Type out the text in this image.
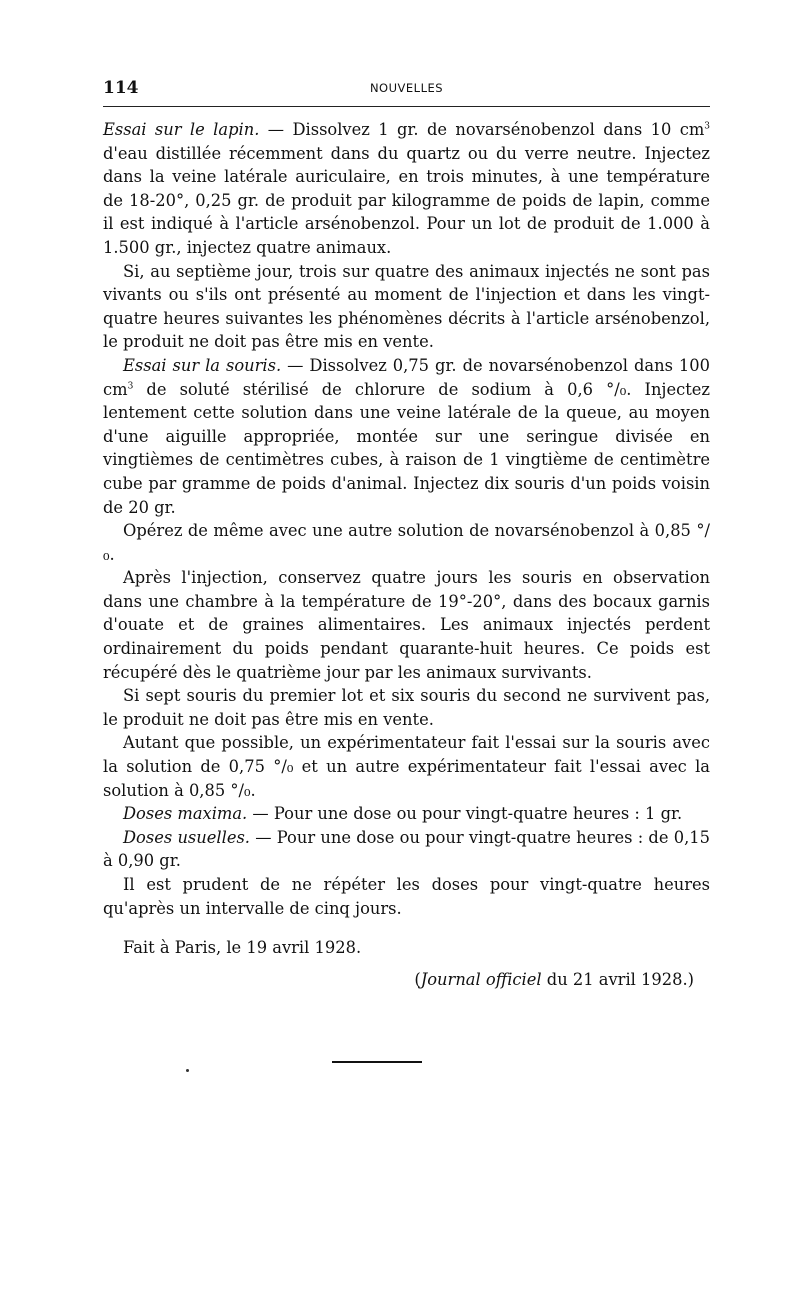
114	NOUVELLES

Essai sur le lapin. — Dissolvez 1 gr. de novarsénobenzol dans 10 $cm^3$ d'eau distillée récemment dans du quartz ou du verre neutre. Injectez dans la veine latérale auriculaire, en trois minutes, à une température de 18-20°, 0,25 gr. de produit par kilogramme de poids de lapin, comme il est indiqué à l'article arsénobenzol. Pour un lot de produit de 1.000 à 1.500 gr., injectez quatre animaux.

Si, au septième jour, trois sur quatre des animaux injectés ne sont pas vivants ou s'ils ont présenté au moment de l'injection et dans les vingt-quatre heures suivantes les phénomènes décrits à l'article arsénobenzol, le produit ne doit pas être mis en vente.

Essai sur la souris. — Dissolvez 0,75 gr. de novarsénobenzol dans 100 $cm^3$ de soluté stérilisé de chlorure de sodium à 0,6 °/₀. Injectez lentement cette solution dans une veine latérale de la queue, au moyen d'une aiguille appropriée, montée sur une seringue divisée en vingtièmes de centimètres cubes, à raison de 1 vingtième de centimètre cube par gramme de poids d'animal. Injectez dix souris d'un poids voisin de 20 gr.

Opérez de même avec une autre solution de novarsénobenzol à 0,85 °/₀.

Après l'injection, conservez quatre jours les souris en observation dans une chambre à la température de 19°-20°, dans des bocaux garnis d'ouate et de graines alimentaires. Les animaux injectés perdent ordinairement du poids pendant quarante-huit heures. Ce poids est récupéré dès le quatrième jour par les animaux survivants.

Si sept souris du premier lot et six souris du second ne survivent pas, le produit ne doit pas être mis en vente.

Autant que possible, un expérimentateur fait l'essai sur la souris avec la solution de 0,75 °/₀ et un autre expérimentateur fait l'essai avec la solution à 0,85 °/₀.

Doses maxima. — Pour une dose ou pour vingt-quatre heures : 1 gr.

Doses usuelles. — Pour une dose ou pour vingt-quatre heures : de 0,15 à 0,90 gr.

Il est prudent de ne répéter les doses pour vingt-quatre heures qu'après un intervalle de cinq jours.

Fait à Paris, le 19 avril 1928.
(Journal officiel du 21 avril 1928.)
